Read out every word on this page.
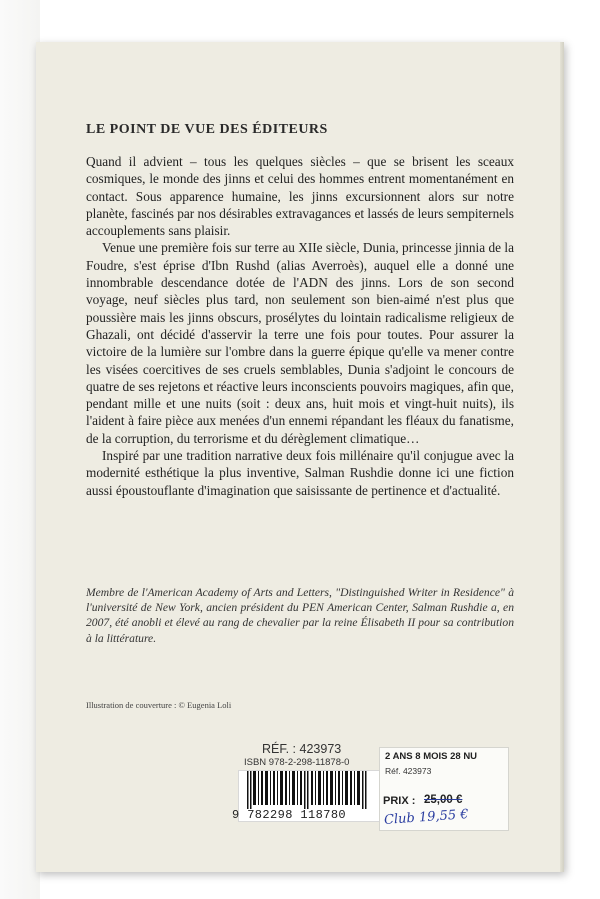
LE POINT DE VUE DES ÉDITEURS

Quand il advient – tous les quelques siècles – que se brisent les sceaux cosmiques, le monde des jinns et celui des hommes entrent momentanément en contact. Sous apparence humaine, les jinns excursionnent alors sur notre planète, fascinés par nos désirables extravagances et lassés de leurs sempiternels accouplements sans plaisir.

Venue une première fois sur terre au XIIe siècle, Dunia, princesse jinnia de la Foudre, s'est éprise d'Ibn Rushd (alias Averroès), auquel elle a donné une innombrable descendance dotée de l'ADN des jinns. Lors de son second voyage, neuf siècles plus tard, non seulement son bien-aimé n'est plus que poussière mais les jinns obscurs, prosélytes du lointain radicalisme religieux de Ghazali, ont décidé d'asservir la terre une fois pour toutes. Pour assurer la victoire de la lumière sur l'ombre dans la guerre épique qu'elle va mener contre les visées coercitives de ses cruels semblables, Dunia s'adjoint le concours de quatre de ses rejetons et réactive leurs inconscients pouvoirs magiques, afin que, pendant mille et une nuits (soit : deux ans, huit mois et vingt-huit nuits), ils l'aident à faire pièce aux menées d'un ennemi répandant les fléaux du fanatisme, de la corruption, du terrorisme et du dérèglement climatique…

Inspiré par une tradition narrative deux fois millénaire qu'il conjugue avec la modernité esthétique la plus inventive, Salman Rushdie donne ici une fiction aussi époustouflante d'imagination que saisissante de pertinence et d'actualité.

Membre de l'American Academy of Arts and Letters, "Distinguished Writer in Residence" à l'université de New York, ancien président du PEN American Center, Salman Rushdie a, en 2007, été anobli et élevé au rang de chevalier par la reine Élisabeth II pour sa contribution à la littérature.
Illustration de couverture : © Eugenia Loli
RÉF. : 423973
ISBN 978-2-298-11878-0
9 782298 118780
2 ANS 8 MOIS 28 NU
Réf. 423973
PRIX : 25,00 €
Club 19,55 €
